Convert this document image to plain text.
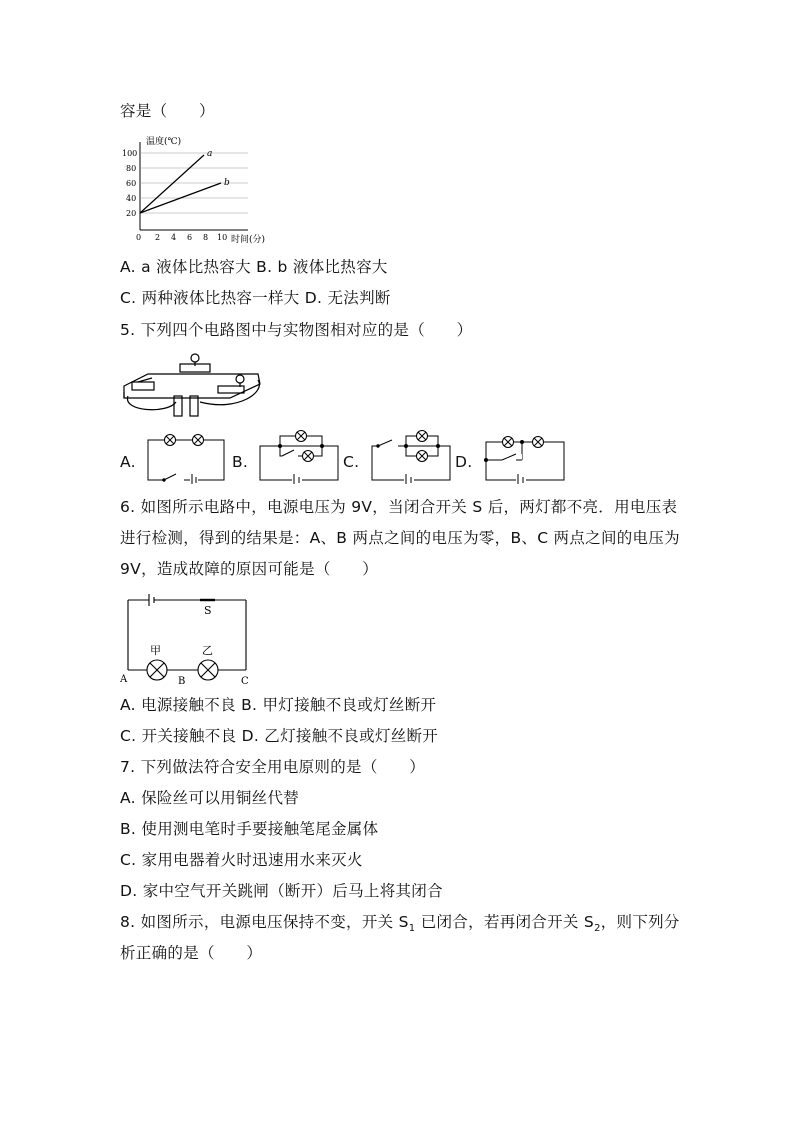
容是（　　）
温度(℃)
100
80
60
40
20
0 2 4 6 8 10 时间(分)
a
b
A. a 液体比热容大 B. b 液体比热容大
C. 两种液体比热容一样大 D. 无法判断
5. 下列四个电路图中与实物图相对应的是（　　）
A.	B.	C.	D.
6. 如图所示电路中，电源电压为 9V，当闭合开关 S 后，两灯都不亮．用电压表
进行检测，得到的结果是：A、B 两点之间的电压为零，B、C 两点之间的电压为
9V，造成故障的原因可能是（　　）
S
甲	乙
A	B	C
A. 电源接触不良 B. 甲灯接触不良或灯丝断开
C. 开关接触不良 D. 乙灯接触不良或灯丝断开
7. 下列做法符合安全用电原则的是（　　）
A. 保险丝可以用铜丝代替
B. 使用测电笔时手要接触笔尾金属体
C. 家用电器着火时迅速用水来灭火
D. 家中空气开关跳闸（断开）后马上将其闭合
8. 如图所示，电源电压保持不变，开关 $S_1$ 已闭合，若再闭合开关 $S_2$，则下列分
析正确的是（　　）
